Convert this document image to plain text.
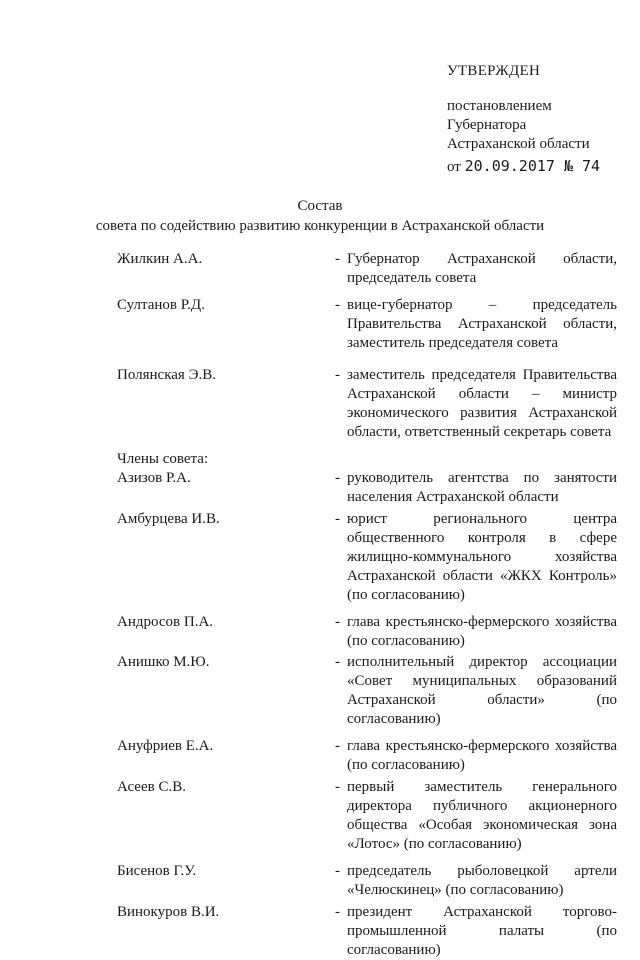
УТВЕРЖДЕН
постановлением
Губернатора
Астраханской области
от 20.09.2017 № 74
Состав
совета по содействию развитию конкуренции в Астраханской области
Жилкин А.А.	- Губернатор Астраханской области, председатель совета
Султанов Р.Д.	- вице-губернатор – председатель Правительства Астраханской области, заместитель председателя совета
Полянская Э.В.	- заместитель председателя Правительства Астраханской области – министр экономического развития Астраханской области, ответственный секретарь совета
Члены совета:
Азизов Р.А.	- руководитель агентства по занятости населения Астраханской области
Амбурцева И.В.	- юрист регионального центра общественного контроля в сфере жилищно-коммунального хозяйства Астраханской области «ЖКХ Контроль» (по согласованию)
Андросов П.А.	- глава крестьянско-фермерского хозяйства (по согласованию)
Анишко М.Ю.	- исполнительный директор ассоциации «Совет муниципальных образований Астраханской области» (по согласованию)
Ануфриев Е.А.	- глава крестьянско-фермерского хозяйства (по согласованию)
Асеев С.В.	- первый заместитель генерального директора публичного акционерного общества «Особая экономическая зона «Лотос» (по согласованию)
Бисенов Г.У.	- председатель рыболовецкой артели «Челюскинец» (по согласованию)
Винокуров В.И.	- президент Астраханской торгово-промышленной палаты (по согласованию)
